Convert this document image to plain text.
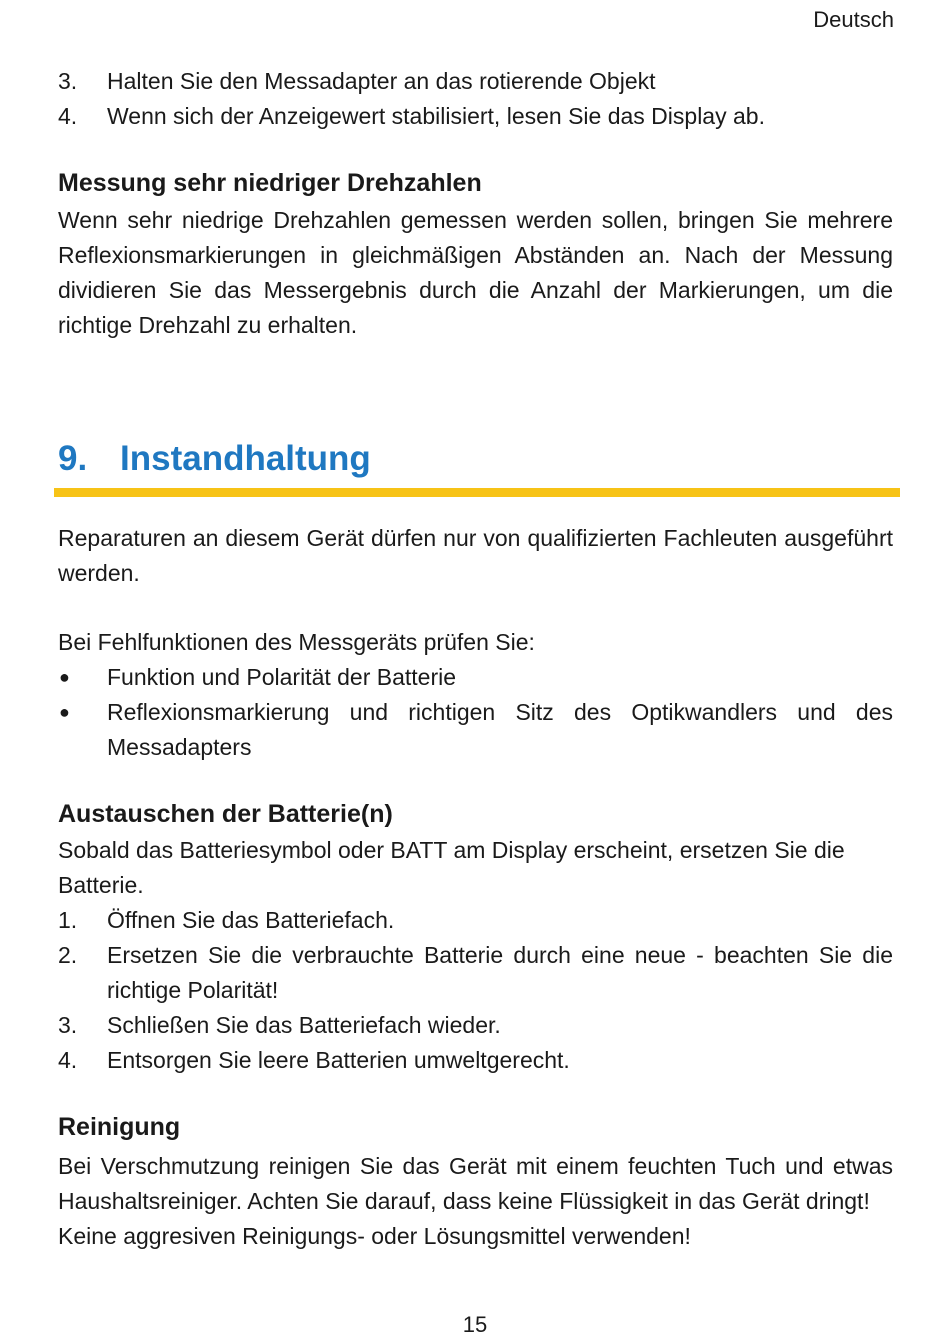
Deutsch
3.	Halten Sie den Messadapter an das rotierende Objekt
4.	Wenn sich der Anzeigewert stabilisiert, lesen Sie das Display ab.
Messung sehr niedriger Drehzahlen
Wenn sehr niedrige Drehzahlen gemessen werden sollen, bringen Sie mehrere Reflexionsmarkierungen in gleichmäßigen Abständen an. Nach der Messung dividieren Sie das Messergebnis durch die Anzahl der Markierungen, um die richtige Drehzahl zu erhalten.
9. Instandhaltung
Reparaturen an diesem Gerät dürfen nur von qualifizierten Fachleuten ausgeführt werden.
Bei Fehlfunktionen des Messgeräts prüfen Sie:
●	Funktion und Polarität der Batterie
●	Reflexionsmarkierung und richtigen Sitz des Optikwandlers und des Messadapters
Austauschen der Batterie(n)
Sobald das Batteriesymbol oder BATT am Display erscheint, ersetzen Sie die Batterie.
1.	Öffnen Sie das Batteriefach.
2.	Ersetzen Sie die verbrauchte Batterie durch eine neue - beachten Sie die richtige Polarität!
3.	Schließen Sie das Batteriefach wieder.
4.	Entsorgen Sie leere Batterien umweltgerecht.
Reinigung
Bei Verschmutzung reinigen Sie das Gerät mit einem feuchten Tuch und etwas Haushaltsreiniger. Achten Sie darauf, dass keine Flüssigkeit in das Gerät dringt!
Keine aggresiven Reinigungs- oder Lösungsmittel verwenden!
15
